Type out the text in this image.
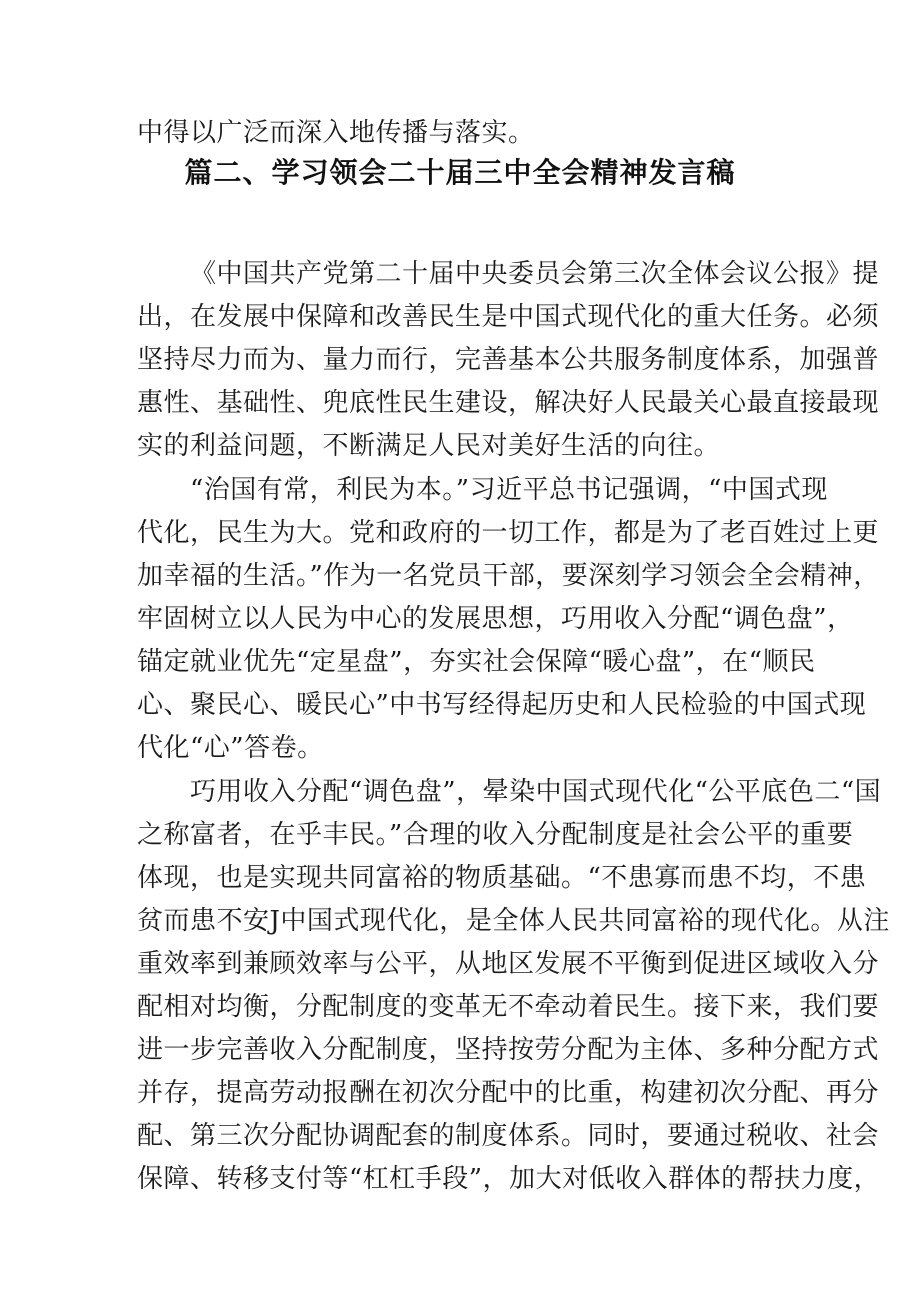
中得以广泛而深入地传播与落实。
篇二、学习领会二十届三中全会精神发言稿
《中国共产党第二十届中央委员会第三次全体会议公报》提
出，在发展中保障和改善民生是中国式现代化的重大任务。必须
坚持尽力而为、量力而行，完善基本公共服务制度体系，加强普
惠性、基础性、兜底性民生建设，解决好人民最关心最直接最现
实的利益问题，不断满足人民对美好生活的向往。
“治国有常，利民为本。”习近平总书记强调，“中国式现
代化，民生为大。党和政府的一切工作，都是为了老百姓过上更
加幸福的生活。”作为一名党员干部，要深刻学习领会全会精神，
牢固树立以人民为中心的发展思想，巧用收入分配“调色盘”，
锚定就业优先“定星盘”，夯实社会保障“暖心盘”，在“顺民
心、聚民心、暖民心”中书写经得起历史和人民检验的中国式现
代化“心”答卷。
巧用收入分配“调色盘”，晕染中国式现代化“公平底色二“国
之称富者，在乎丰民。”合理的收入分配制度是社会公平的重要
体现，也是实现共同富裕的物质基础。“不患寡而患不均，不患
贫而患不安J中国式现代化，是全体人民共同富裕的现代化。从注
重效率到兼顾效率与公平，从地区发展不平衡到促进区域收入分
配相对均衡，分配制度的变革无不牵动着民生。接下来，我们要
进一步完善收入分配制度，坚持按劳分配为主体、多种分配方式
并存，提高劳动报酬在初次分配中的比重，构建初次分配、再分
配、第三次分配协调配套的制度体系。同时，要通过税收、社会
保障、转移支付等“杠杠手段”，加大对低收入群体的帮扶力度，
